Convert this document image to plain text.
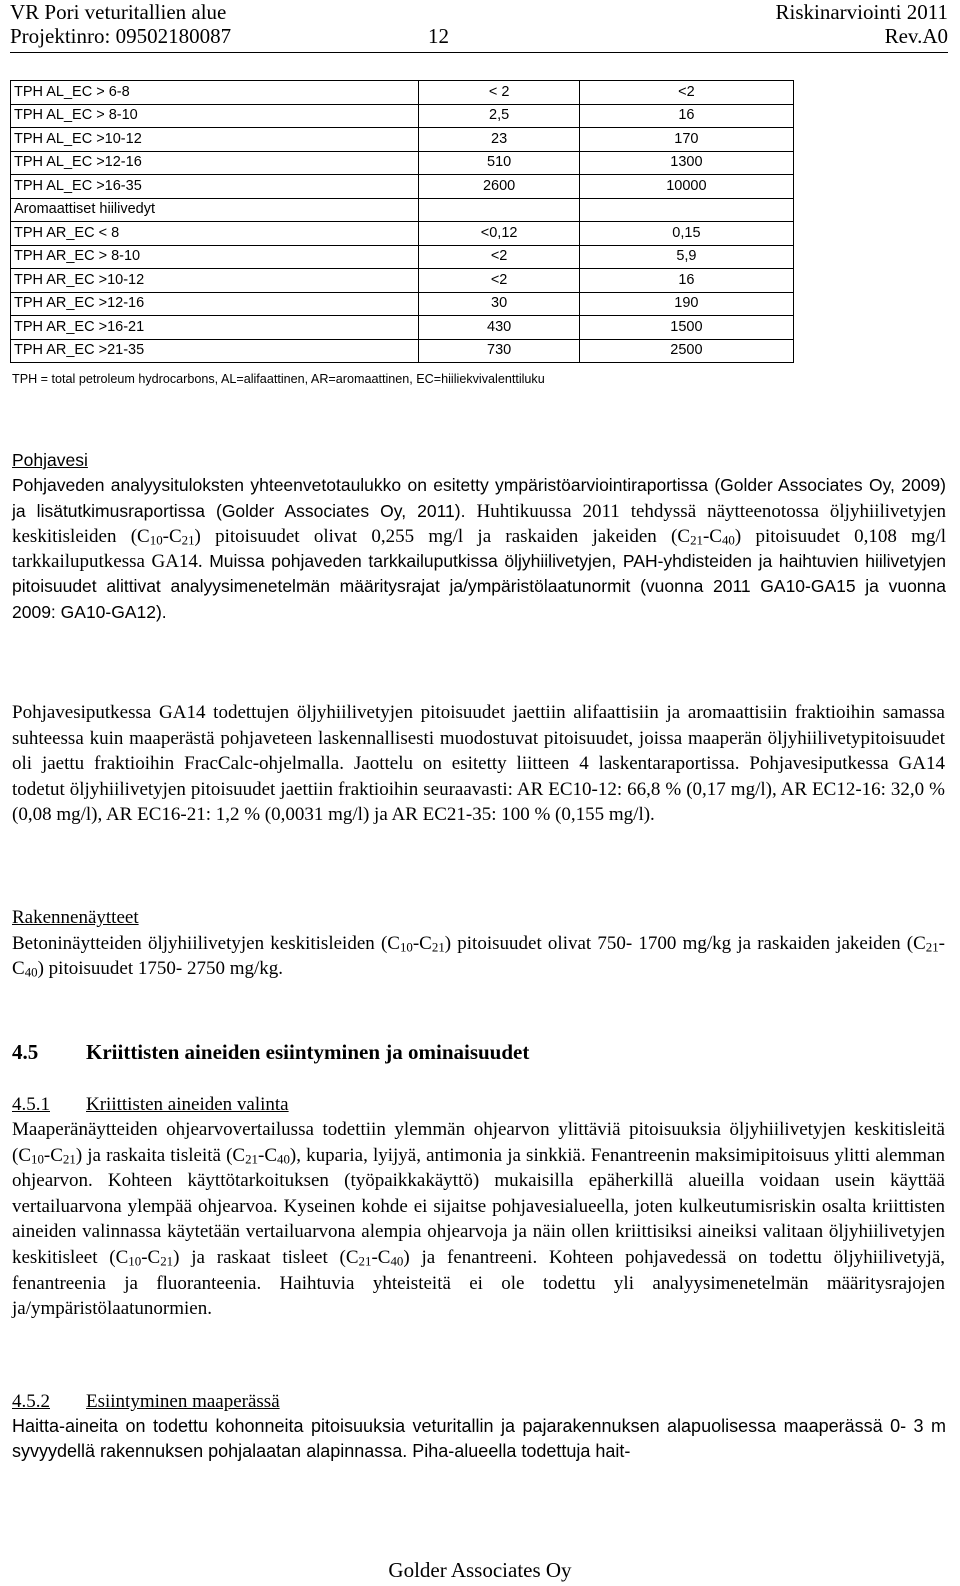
VR Pori veturitallien alue	Riskinarviointi 2011
Projektinro: 09502180087	12	Rev.A0
TPH AL_EC > 6-8	< 2	<2
TPH AL_EC > 8-10	2,5	16
TPH AL_EC >10-12	23	170
TPH AL_EC >12-16	510	1300
TPH AL_EC >16-35	2600	10000
Aromaattiset hiilivedyt		
TPH AR_EC < 8	<0,12	0,15
TPH AR_EC > 8-10	<2	5,9
TPH AR_EC >10-12	<2	16
TPH AR_EC >12-16	30	190
TPH AR_EC >16-21	430	1500
TPH AR_EC >21-35	730	2500
TPH = total petroleum hydrocarbons, AL=alifaattinen, AR=aromaattinen, EC=hiiliekvivalenttiluku
Pohjavesi
Pohjaveden analyysituloksten yhteenvetotaulukko on esitetty ympäristöarviointiraportissa (Golder Associates Oy, 2009) ja lisätutkimusraportissa (Golder Associates Oy, 2011). Huhtikuussa 2011 tehdyssä näytteenotossa öljyhiilivetyjen keskitisleiden $(C_{10}-C_{21})$ pitoisuudet olivat 0,255 mg/l ja raskaiden jakeiden $(C_{21}-C_{40})$ pitoisuudet 0,108 mg/l tarkkailuputkessa GA14. Muissa pohjaveden tarkkailuputkissa öljyhiilivetyjen, PAH-yhdisteiden ja haihtuvien hiilivetyjen pitoisuudet alittivat analyysimenetelmän määritysrajat ja/ympäristölaatunormit (vuonna 2011 GA10-GA15 ja vuonna 2009: GA10-GA12).
Pohjavesiputkessa GA14 todettujen öljyhiilivetyjen pitoisuudet jaettiin alifaattisiin ja aromaattisiin fraktioihin samassa suhteessa kuin maaperästä pohjaveteen laskennallisesti muodostuvat pitoisuudet, joissa maaperän öljyhiilivetypitoisuudet oli jaettu fraktioihin FracCalc-ohjelmalla. Jaottelu on esitetty liitteen 4 laskentaraportissa. Pohjavesiputkessa GA14 todetut öljyhiilivetyjen pitoisuudet jaettiin fraktioihin seuraavasti: AR EC10-12: 66,8 % (0,17 mg/l), AR EC12-16: 32,0 % (0,08 mg/l), AR EC16-21: 1,2 % (0,0031 mg/l) ja AR EC21-35: 100 % (0,155 mg/l).
Rakennenäytteet
Betoninäytteiden öljyhiilivetyjen keskitisleiden $(C_{10}-C_{21})$ pitoisuudet olivat 750- 1700 mg/kg ja raskaiden jakeiden $(C_{21}-C_{40})$ pitoisuudet 1750- 2750 mg/kg.
4.5 Kriittisten aineiden esiintyminen ja ominaisuudet
4.5.1 Kriittisten aineiden valinta
Maaperänäytteiden ohjearvovertailussa todettiin ylemmän ohjearvon ylittäviä pitoisuuksia öljyhiilivetyjen keskitisleitä $(C_{10}-C_{21})$ ja raskaita tisleitä $(C_{21}-C_{40})$, kuparia, lyijyä, antimonia ja sinkkiä. Fenantreenin maksimipitoisuus ylitti alemman ohjearvon. Kohteen käyttötarkoituksen (työpaikkakäyttö) mukaisilla epäherkillä alueilla voidaan usein käyttää vertailuarvona ylempää ohjearvoa. Kyseinen kohde ei sijaitse pohjavesialueella, joten kulkeutumisriskin osalta kriittisten aineiden valinnassa käytetään vertailuarvona alempia ohjearvoja ja näin ollen kriittisiksi aineiksi valitaan öljyhiilivetyjen keskitisleet $(C_{10}-C_{21})$ ja raskaat tisleet $(C_{21}-C_{40})$ ja fenantreeni. Kohteen pohjavedessä on todettu öljyhiilivetyjä, fenantreenia ja fluoranteenia. Haihtuvia yhteisteitä ei ole todettu yli analyysimenetelmän määritysrajojen ja/ympäristölaatunormien.
4.5.2 Esiintyminen maaperässä
Haitta-aineita on todettu kohonneita pitoisuuksia veturitallin ja pajarakennuksen alapuolisessa maaperässä 0- 3 m syvyydellä rakennuksen pohjalaatan alapinnassa. Piha-alueella todettuja hait-
Golder Associates Oy
